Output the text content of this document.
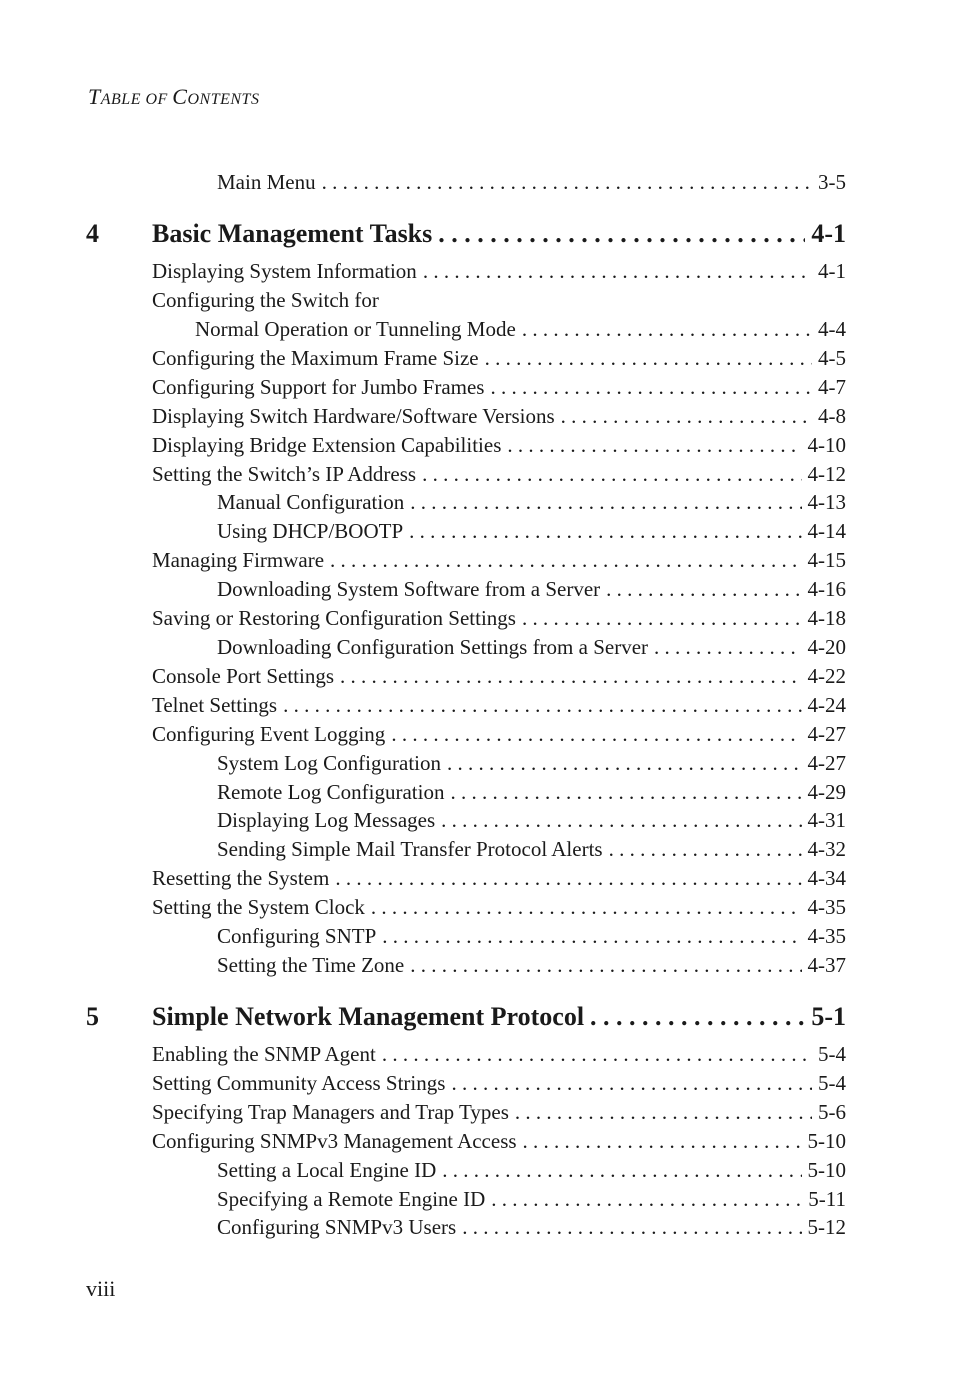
TABLE OF CONTENTS
Main Menu . . .	3-5
4 Basic Management Tasks . . .	4-1
Displaying System Information . . .	4-1
Configuring the Switch for
Normal Operation or Tunneling Mode . . .	4-4
Configuring the Maximum Frame Size . . .	4-5
Configuring Support for Jumbo Frames . . .	4-7
Displaying Switch Hardware/Software Versions . . .	4-8
Displaying Bridge Extension Capabilities . . .	4-10
Setting the Switch’s IP Address . . .	4-12
Manual Configuration . . .	4-13
Using DHCP/BOOTP . . .	4-14
Managing Firmware . . .	4-15
Downloading System Software from a Server . . .	4-16
Saving or Restoring Configuration Settings . . .	4-18
Downloading Configuration Settings from a Server . . .	4-20
Console Port Settings . . .	4-22
Telnet Settings . . .	4-24
Configuring Event Logging . . .	4-27
System Log Configuration . . .	4-27
Remote Log Configuration . . .	4-29
Displaying Log Messages . . .	4-31
Sending Simple Mail Transfer Protocol Alerts . . .	4-32
Resetting the System . . .	4-34
Setting the System Clock . . .	4-35
Configuring SNTP . . .	4-35
Setting the Time Zone . . .	4-37
5 Simple Network Management Protocol . . .	5-1
Enabling the SNMP Agent . . .	5-4
Setting Community Access Strings . . .	5-4
Specifying Trap Managers and Trap Types . . .	5-6
Configuring SNMPv3 Management Access . . .	5-10
Setting a Local Engine ID . . .	5-10
Specifying a Remote Engine ID . . .	5-11
Configuring SNMPv3 Users . . .	5-12
viii
